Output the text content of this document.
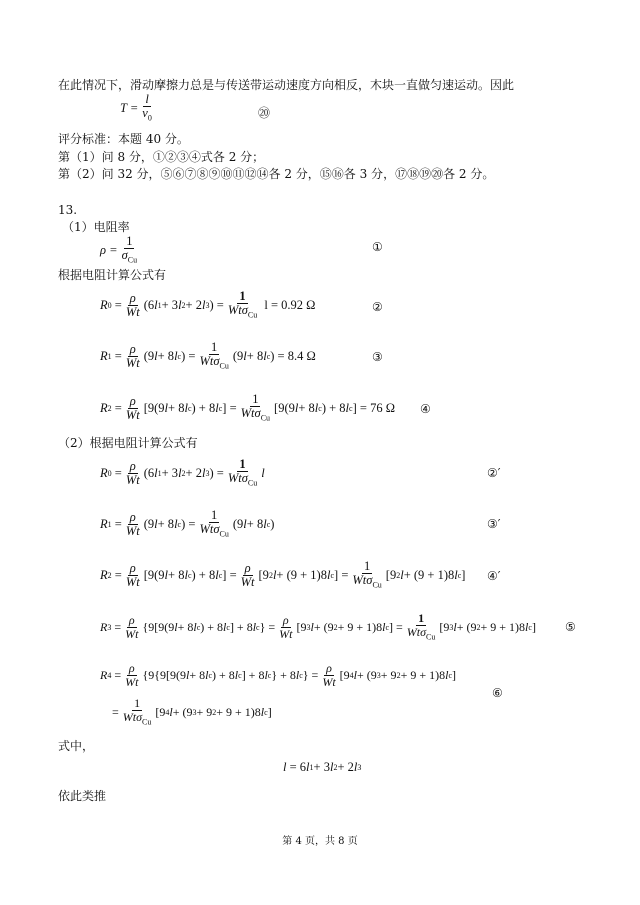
在此情况下，滑动摩擦力总是与传送带运动速度方向相反，木块一直做匀速运动。因此
$T = \frac{l}{v_0}$	⑳
评分标准：本题 40 分。
第（1）问 8 分，①②③④式各 2 分；
第（2）问 32 分，⑤⑥⑦⑧⑨⑩⑪⑫⑭各 2 分，⑮⑯各 3 分，⑰⑱⑲⑳各 2 分。
13.
（1）电阻率
$\rho = \frac{1}{\sigma_{Cu}}$	①
根据电阻计算公式有
R $0 = \frac{\rho}{Wt} (6$ l 1 + 3 l 2 + 2 l 3 ) = $\frac{1}{Wt\sigma_{Cu}}$
l = 0.92 Ω	②
R $1 = \frac{\rho}{Wt} (9$ l + 8 l c ) = $\frac{1}{Wt\sigma_{Cu}} (9$ l + 8 l c ) = 8.4 Ω	③
R $2 = \frac{\rho}{Wt} [9(9$ l + 8 l c ) + 8 l c ] = $\frac{1}{Wt\sigma_{Cu}} [9(9$ l + 8 l c ) + 8 l c ] = 76 Ω ④
（2）根据电阻计算公式有
R $0 = \frac{\rho}{Wt} (6$ l 1 + 3 l 2 + 2 l 3 ) = $\frac{1}{Wt\sigma_{Cu}}$ l	②′
R $1 = \frac{\rho}{Wt} (9$ l + 8 l c ) = $\frac{1}{Wt\sigma_{Cu}} (9$ l + 8 l c )	③′
R $2 = \frac{\rho}{Wt} [9(9$ l + 8 l c ) + 8 l c ] = $\frac{\rho}{Wt} [9$ 2 l + (9 + 1)8 l c ] = $\frac{1}{Wt\sigma_{Cu}} [9$ 2 l + (9 + 1)8 l c ] ④′
R $3 = \frac{\rho}{Wt} \{9[9(9$ l + 8 l c ) + 8 l c ] + 8 l c } = $\frac{\rho}{Wt} [9$ 3 l + (9 2 + 9 + 1)8 l c ] = $\frac{1}{Wt\sigma_{Cu}} [9$ 3 l + (9 2 + 9 + 1)8 l c ] ⑤
R $4 = \frac{\rho}{Wt} \{9\{9[9(9$ l + 8 l c ) + 8 l c ] + 8 l c } + 8 l c } = $\frac{\rho}{Wt} [9$ 4 l + (9 3 + 9 2 + 9 + 1)8 l c ]
= $\frac{1}{Wt\sigma_{Cu}} [9$ 4 l + (9 3 + 9 2 + 9 + 1)8 l c ]
⑥
式中，
l = 6 l 1 + 3 l 2 + 2 l 3
依此类推
第 4 页，共 8 页
